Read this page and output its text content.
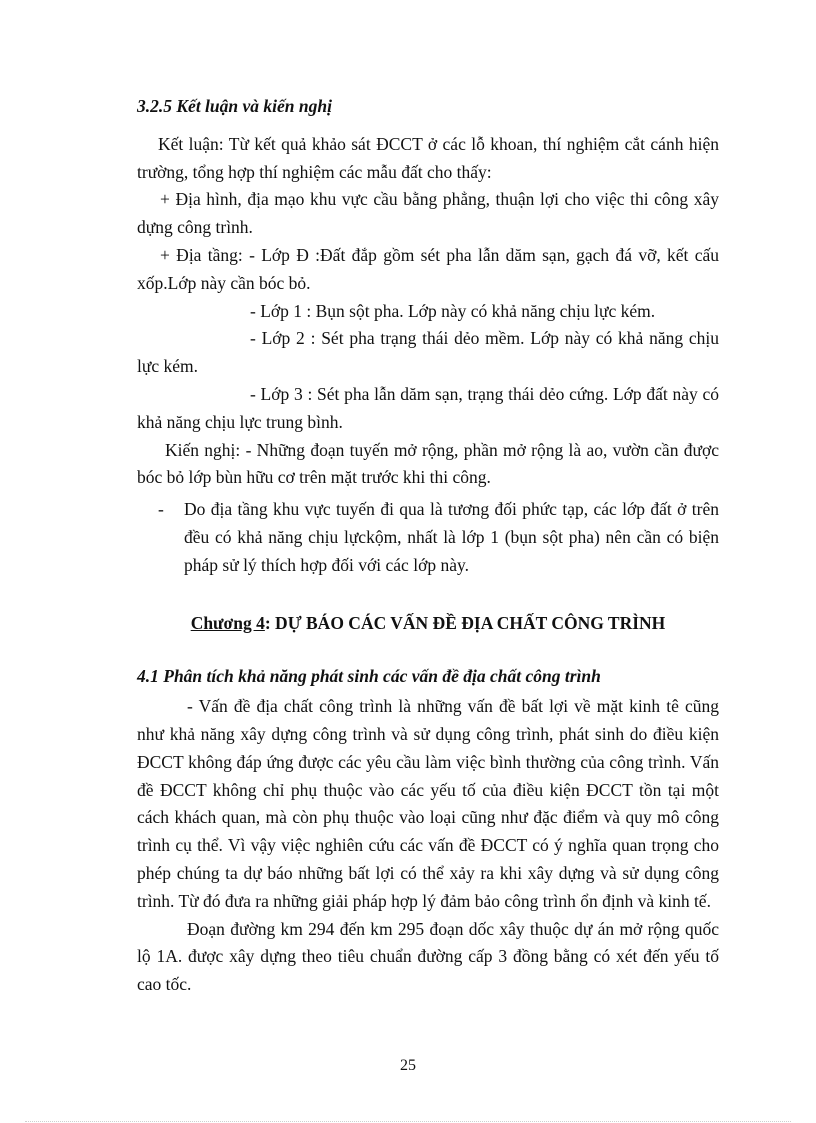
3.2.5 Kết luận và kiến nghị

Kết luận: Từ kết quả khảo sát ĐCCT ở các lỗ khoan, thí nghiệm cắt cánh hiện trường, tổng hợp thí nghiệm các mẫu đất cho thấy:

+ Địa hình, địa mạo khu vực cầu bằng phẳng, thuận lợi cho việc thi công xây dựng công trình.

+ Địa tầng: - Lớp Đ :Đất đắp gồm sét pha lẫn dăm sạn, gạch đá vỡ, kết cấu xốp.Lớp này cần bóc bỏ.

- Lớp 1 : Bụn sột pha. Lớp này có khả năng chịu lực kém.

- Lớp 2 : Sét pha trạng thái dẻo mềm. Lớp này có khả năng chịu lực kém.

- Lớp 3 : Sét pha lẫn dăm sạn, trạng thái dẻo cứng. Lớp đất này có khả năng chịu lực trung bình.

Kiến nghị: - Những đoạn tuyến mở rộng, phần mở rộng là ao, vườn cần được bóc bỏ lớp bùn hữu cơ trên mặt trước khi thi công.

- Do địa tầng khu vực tuyến đi qua là tương đối phức tạp, các lớp đất ở trên đều có khả năng chịu lựckộm, nhất là lớp 1 (bụn sột pha) nên cần có biện pháp sử lý thích hợp đối với các lớp này.

Chương 4: DỰ BÁO CÁC VẤN ĐỀ ĐỊA CHẤT CÔNG TRÌNH

4.1 Phân tích khả năng phát sinh các vấn đề địa chất công trình

- Vấn đề địa chất công trình là những vấn đề bất lợi về mặt kinh tê cũng như khả năng xây dựng công trình và sử dụng công trình, phát sinh do điều kiện ĐCCT không đáp ứng được các yêu cầu làm việc bình thường của công trình. Vấn đề ĐCCT không chỉ phụ thuộc vào các yếu tố của điều kiện ĐCCT tồn tại một cách khách quan, mà còn phụ thuộc vào loại cũng như đặc điểm và quy mô công trình cụ thể. Vì vậy việc nghiên cứu các vấn đề ĐCCT có ý nghĩa quan trọng cho phép chúng ta dự báo những bất lợi có thể xảy ra khi xây dựng và sử dụng công trình. Từ đó đưa ra những giải pháp hợp lý đảm bảo công trình ổn định và kinh tế.

Đoạn đường km 294 đến km 295 đoạn dốc xây thuộc dự án mở rộng quốc lộ 1A. được xây dựng theo tiêu chuẩn đường cấp 3 đồng bằng có xét đến yếu tố cao tốc.

25
